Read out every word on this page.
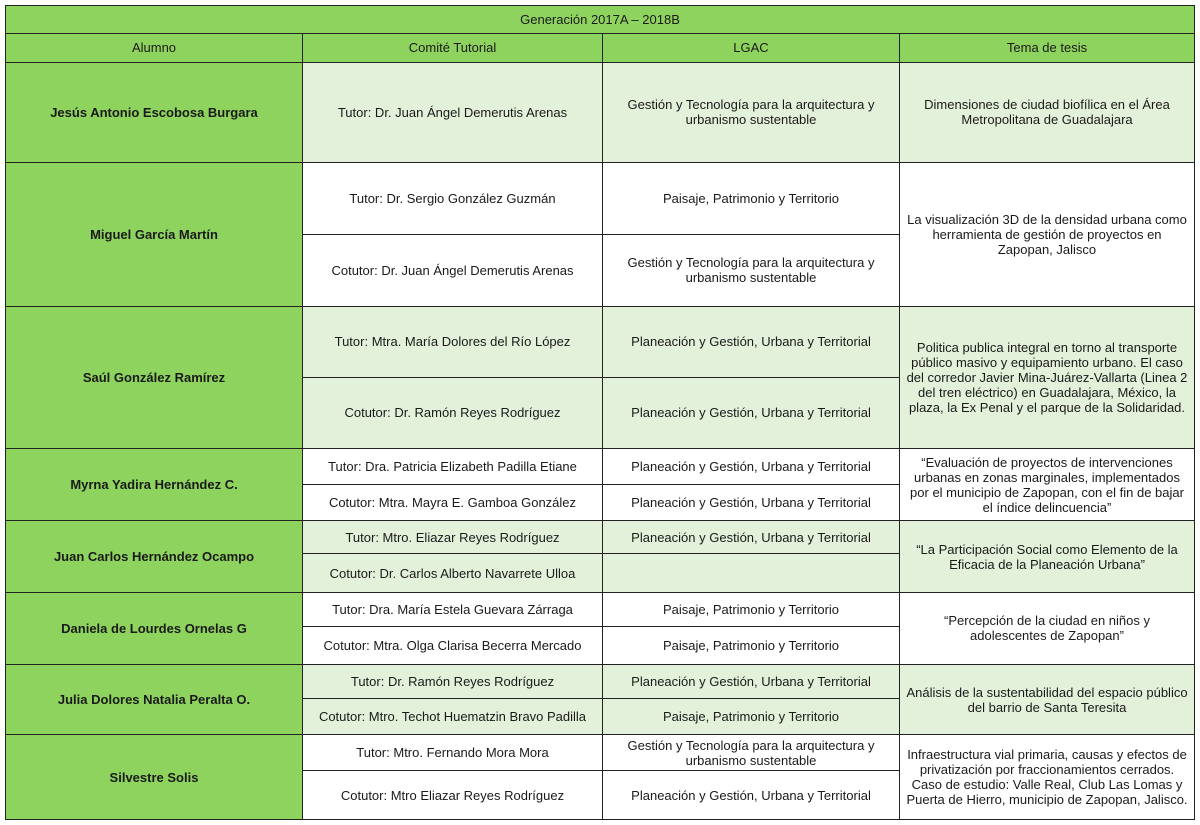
Generación 2017A – 2018B			
Alumno	Comité Tutorial	LGAC	Tema de tesis
Jesús Antonio Escobosa Burgara	Tutor: Dr. Juan Ángel Demerutis Arenas	Gestión y Tecnología para la arquitectura y urbanismo sustentable	Dimensiones de ciudad biofílica en el Área Metropolitana de Guadalajara
Miguel García Martín	Tutor: Dr. Sergio González Guzmán	Paisaje, Patrimonio y Territorio	La visualización 3D de la densidad urbana como herramienta de gestión de proyectos en Zapopan, Jalisco
	Cotutor: Dr. Juan Ángel Demerutis Arenas	Gestión y Tecnología para la arquitectura y urbanismo sustentable	
Saúl González Ramírez	Tutor: Mtra. María Dolores del Río López	Planeación y Gestión, Urbana y Territorial	Politica publica integral en torno al transporte público masivo y equipamiento urbano. El caso del corredor Javier Mina-Juárez-Vallarta (Linea 2 del tren eléctrico) en Guadalajara, México, la plaza, la Ex Penal y el parque de la Solidaridad.
	Cotutor: Dr. Ramón Reyes Rodríguez	Planeación y Gestión, Urbana y Territorial	
Myrna Yadira Hernández C.	Tutor: Dra. Patricia Elizabeth Padilla Etiane	Planeación y Gestión, Urbana y Territorial	“Evaluación de proyectos de intervenciones urbanas en zonas marginales, implementados por el municipio de Zapopan, con el fin de bajar el índice delincuencia”
	Cotutor: Mtra. Mayra E. Gamboa González	Planeación y Gestión, Urbana y Territorial	
Juan Carlos Hernández Ocampo	Tutor: Mtro. Eliazar Reyes Rodríguez	Planeación y Gestión, Urbana y Territorial	“La Participación Social como Elemento de la Eficacia de la Planeación Urbana”
	Cotutor: Dr. Carlos Alberto Navarrete Ulloa		
Daniela de Lourdes Ornelas G	Tutor: Dra. María Estela Guevara Zárraga	Paisaje, Patrimonio y Territorio	“Percepción de la ciudad en niños y adolescentes de Zapopan”
	Cotutor: Mtra. Olga Clarisa Becerra Mercado	Paisaje, Patrimonio y Territorio	
Julia Dolores Natalia Peralta O.	Tutor: Dr. Ramón Reyes Rodríguez	Planeación y Gestión, Urbana y Territorial	Análisis de la sustentabilidad del espacio público del barrio de Santa Teresita
	Cotutor: Mtro. Techot Huematzin Bravo Padilla	Paisaje, Patrimonio y Territorio	
Silvestre Solis	Tutor: Mtro. Fernando Mora Mora	Gestión y Tecnología para la arquitectura y urbanismo sustentable	Infraestructura vial primaria, causas y efectos de privatización por fraccionamientos cerrados. Caso de estudio: Valle Real, Club Las Lomas y Puerta de Hierro, municipio de Zapopan, Jalisco.
	Cotutor: Mtro Eliazar Reyes Rodríguez	Planeación y Gestión, Urbana y Territorial	
